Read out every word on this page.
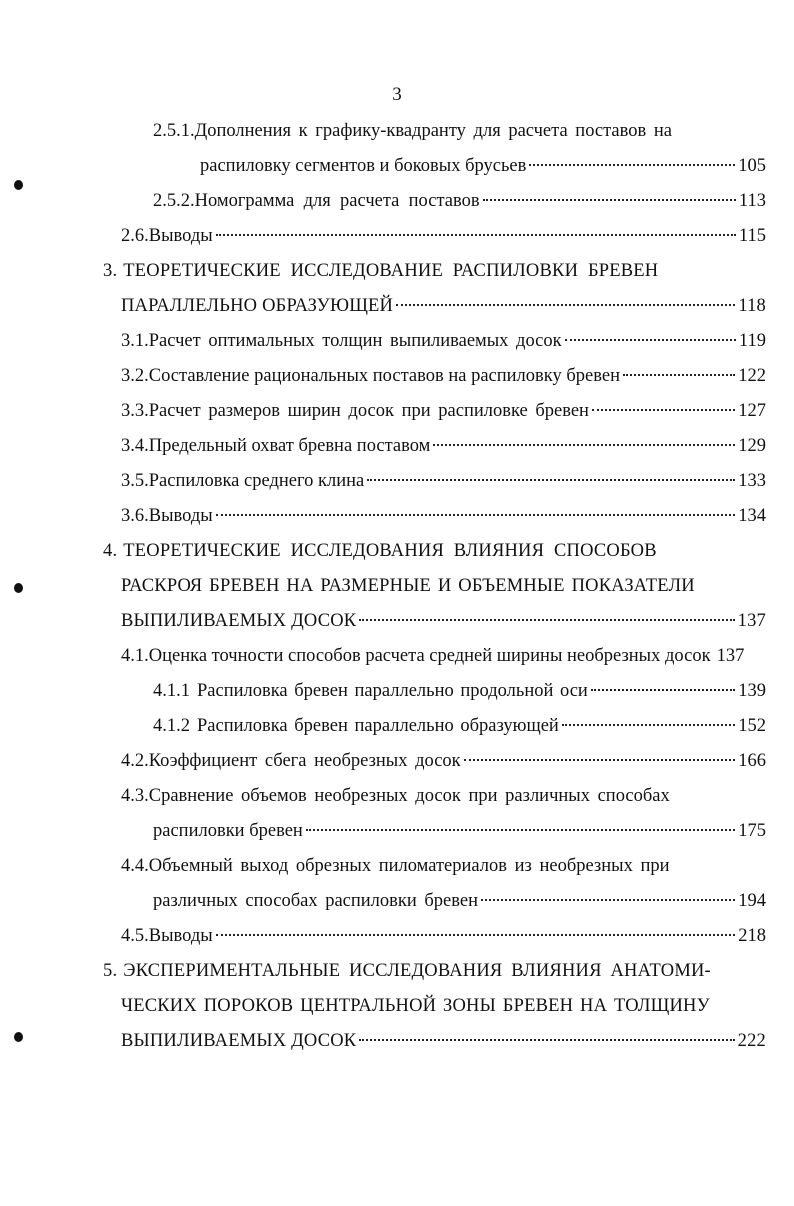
3
2.5.1. Дополнения к графику-квадранту для расчета поставов на
распиловку сегментов и боковых брусьев	105
2.5.2. Номограмма  для  расчета  поставов	113
2.6. Выводы	115
3. ТЕОРЕТИЧЕСКИЕ ИССЛЕДОВАНИЕ РАСПИЛОВКИ БРЕВЕН
ПАРАЛЛЕЛЬНО ОБРАЗУЮЩЕЙ	118
3.1. Расчет оптимальных толщин выпиливаемых досок	119
3.2. Составление рациональных поставов на распиловку бревен	122
3.3. Расчет размеров ширин досок при распиловке бревен	127
3.4. Предельный охват бревна поставом	129
3.5. Распиловка среднего клина	133
3.6. Выводы	134
4. ТЕОРЕТИЧЕСКИЕ ИССЛЕДОВАНИЯ ВЛИЯНИЯ СПОСОБОВ
РАСКРОЯ БРЕВЕН НА РАЗМЕРНЫЕ И ОБЪЕМНЫЕ ПОКАЗАТЕЛИ
ВЫПИЛИВАЕМЫХ ДОСОК	137
4.1. Оценка точности способов расчета средней ширины необрезных досок 137
4.1.1 Распиловка бревен параллельно продольной оси	139
4.1.2 Распиловка бревен параллельно образующей	152
4.2. Коэффициент сбега необрезных досок	166
4.3. Сравнение объемов необрезных досок при различных способах
распиловки бревен	175
4.4. Объемный выход обрезных пиломатериалов из необрезных при
различных способах распиловки бревен	194
4.5. Выводы	218
5. ЭКСПЕРИМЕНТАЛЬНЫЕ ИССЛЕДОВАНИЯ ВЛИЯНИЯ АНАТОМИ-
ЧЕСКИХ ПОРОКОВ ЦЕНТРАЛЬНОЙ ЗОНЫ БРЕВЕН НА ТОЛЩИНУ
ВЫПИЛИВАЕМЫХ ДОСОК	222
